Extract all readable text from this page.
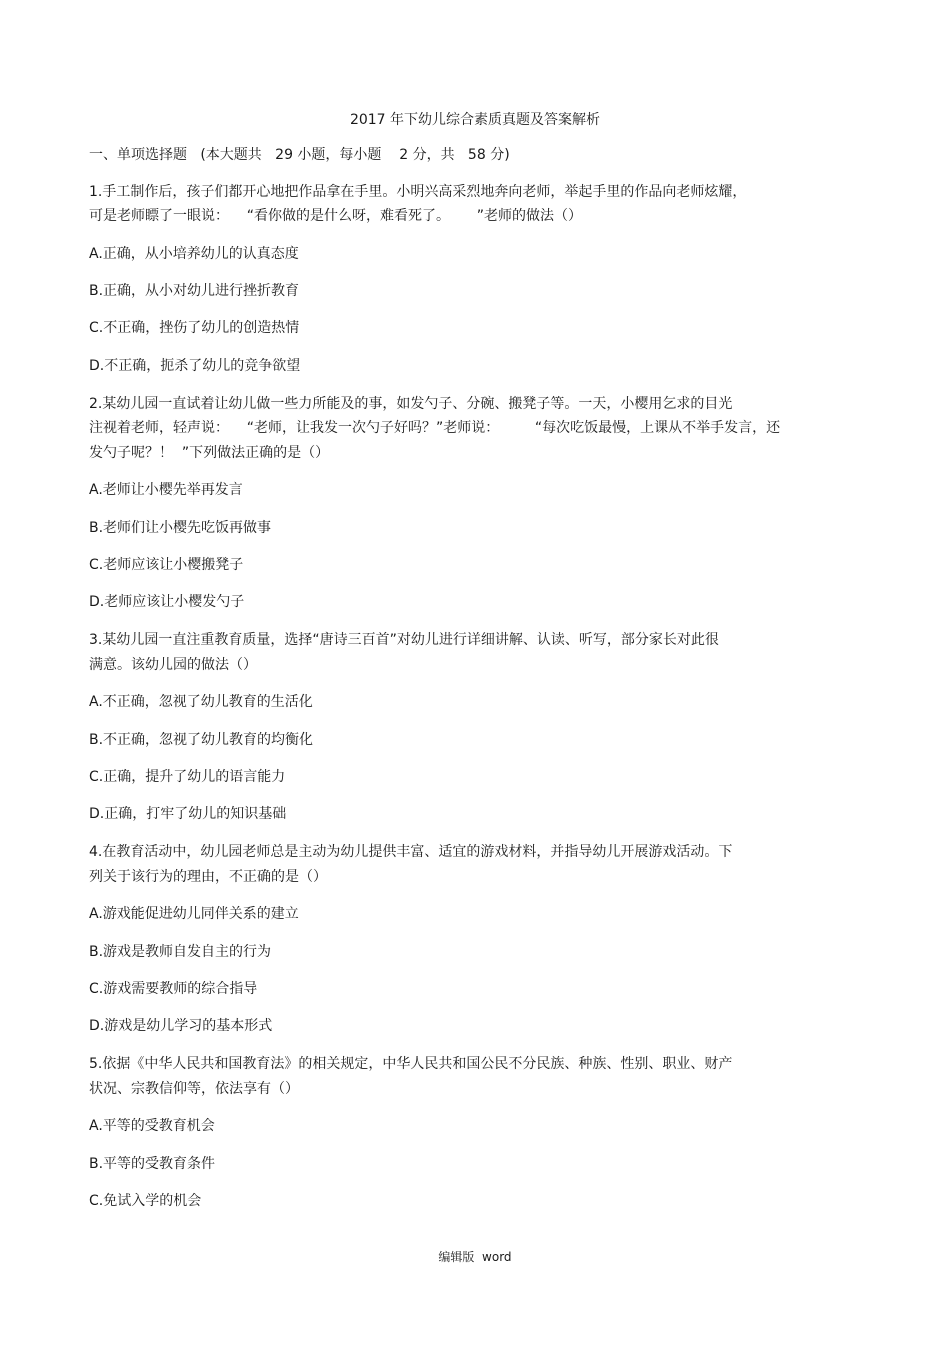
2017 年下幼儿综合素质真题及答案解析
一、单项选择题   (本大题共   29 小题，每小题    2 分，共   58 分)
1.手工制作后，孩子们都开心地把作品拿在手里。小明兴高采烈地奔向老师，举起手里的作品向老师炫耀，
可是老师瞟了一眼说：    “看你做的是什么呀，难看死了。      ”老师的做法（）
A.正确，从小培养幼儿的认真态度
B.正确，从小对幼儿进行挫折教育
C.不正确，挫伤了幼儿的创造热情
D.不正确，扼杀了幼儿的竞争欲望
2.某幼儿园一直试着让幼儿做一些力所能及的事，如发勺子、分碗、搬凳子等。一天，小樱用乞求的目光
注视着老师，轻声说：    “老师，让我发一次勺子好吗？”老师说：        “每次吃饭最慢，上课从不举手发言，还
发勺子呢？！  ”下列做法正确的是（）
A.老师让小樱先举再发言
B.老师们让小樱先吃饭再做事
C.老师应该让小樱搬凳子
D.老师应该让小樱发勺子
3.某幼儿园一直注重教育质量，选择“唐诗三百首”对幼儿进行详细讲解、认读、听写，部分家长对此很
满意。该幼儿园的做法（）
A.不正确，忽视了幼儿教育的生活化
B.不正确，忽视了幼儿教育的均衡化
C.正确，提升了幼儿的语言能力
D.正确，打牢了幼儿的知识基础
4.在教育活动中，幼儿园老师总是主动为幼儿提供丰富、适宜的游戏材料，并指导幼儿开展游戏活动。下
列关于该行为的理由，不正确的是（）
A.游戏能促进幼儿同伴关系的建立
B.游戏是教师自发自主的行为
C.游戏需要教师的综合指导
D.游戏是幼儿学习的基本形式
5.依据《中华人民共和国教育法》的相关规定，中华人民共和国公民不分民族、种族、性别、职业、财产
状况、宗教信仰等，依法享有（）
A.平等的受教育机会
B.平等的受教育条件
C.免试入学的机会
编辑版  word
